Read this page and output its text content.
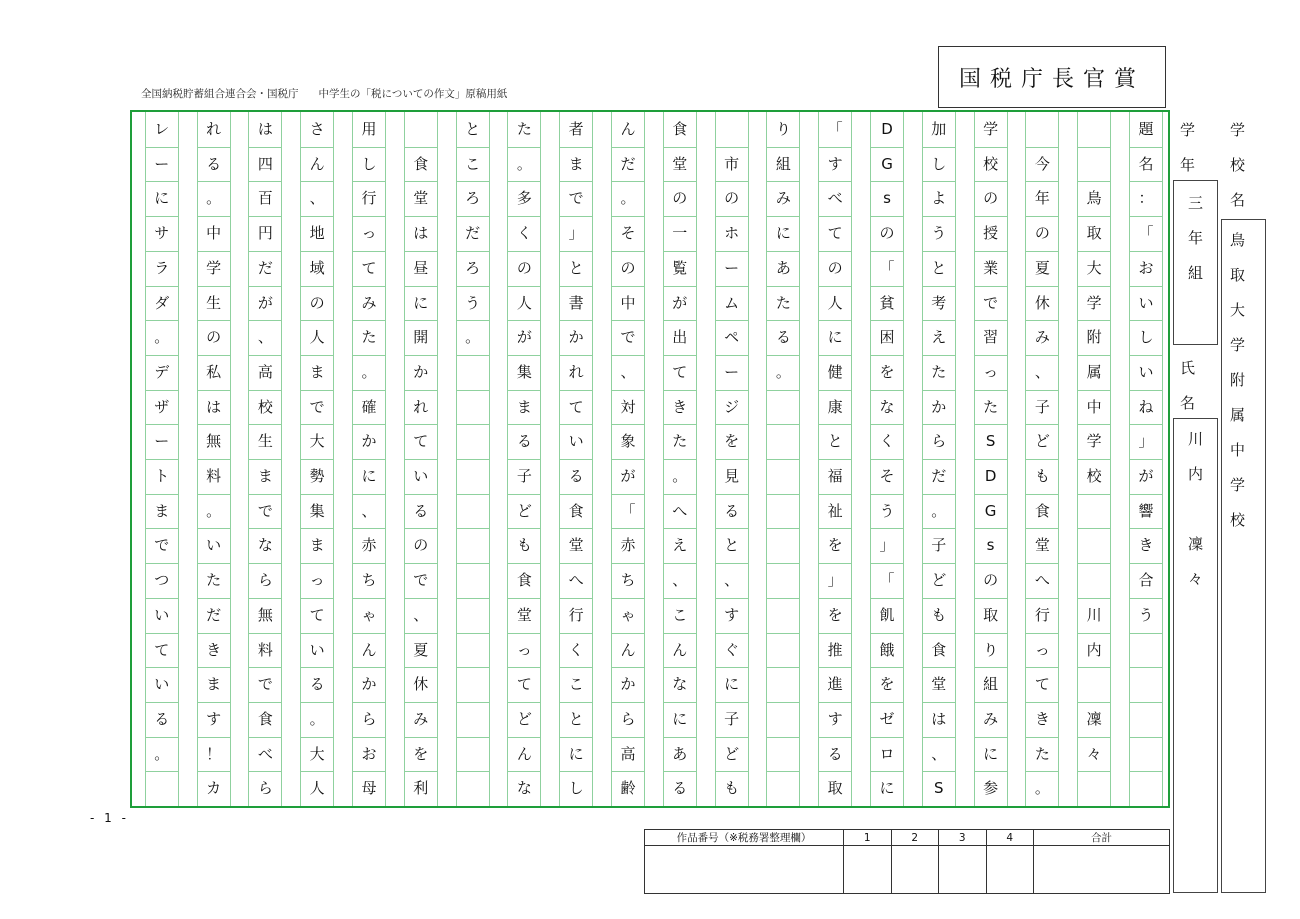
国税庁長官賞
全国納税貯蓄組合連合会・国税庁 中学生の「税についての作文」原稿用紙
題
名
：
「
お
い
し
い
ね
」
が
響
き
合
う
鳥
取
大
学
附
属
中
学
校
川
内
凜
々
今
年
の
夏
休
み
、
子
ど
も
食
堂
へ
行
っ
て
き
た
。
学
校
の
授
業
で
習
っ
た
S
D
G
s
の
取
り
組
み
に
参
加
し
よ
う
と
考
え
た
か
ら
だ
。
子
ど
も
食
堂
は
、
S
D
G
s
の
「
貧
困
を
な
く
そ
う
」
「
飢
餓
を
ゼ
ロ
に
「
す
べ
て
の
人
に
健
康
と
福
祉
を
」
を
推
進
す
る
取
り
組
み
に
あ
た
る
。
市
の
ホ
ー
ム
ペ
ー
ジ
を
見
る
と
、
す
ぐ
に
子
ど
も
食
堂
の
一
覧
が
出
て
き
た
。
へ
え
、
こ
ん
な
に
あ
る
ん
だ
。
そ
の
中
で
、
対
象
が
「
赤
ち
ゃ
ん
か
ら
高
齢
者
ま
で
」
と
書
か
れ
て
い
る
食
堂
へ
行
く
こ
と
に
し
た
。
多
く
の
人
が
集
ま
る
子
ど
も
食
堂
っ
て
ど
ん
な
と
こ
ろ
だ
ろ
う
。
食
堂
は
昼
に
開
か
れ
て
い
る
の
で
、
夏
休
み
を
利
用
し
行
っ
て
み
た
。
確
か
に
、
赤
ち
ゃ
ん
か
ら
お
母
さ
ん
、
地
域
の
人
ま
で
大
勢
集
ま
っ
て
い
る
。
大
人
は
四
百
円
だ
が
、
高
校
生
ま
で
な
ら
無
料
で
食
べ
ら
れ
る
。
中
学
生
の
私
は
無
料
。
い
た
だ
き
ま
す
！
カ
レ
ー
に
サ
ラ
ダ
。
デ
ザ
ー
ト
ま
で
つ
い
て
い
る
。
- 1 -
学
年
三
年
組
氏
名
川
内
凜
々
学
校
名
鳥
取
大
学
附
属
中
学
校
作品番号（※税務署整理欄）	1	2	3	4	合計
